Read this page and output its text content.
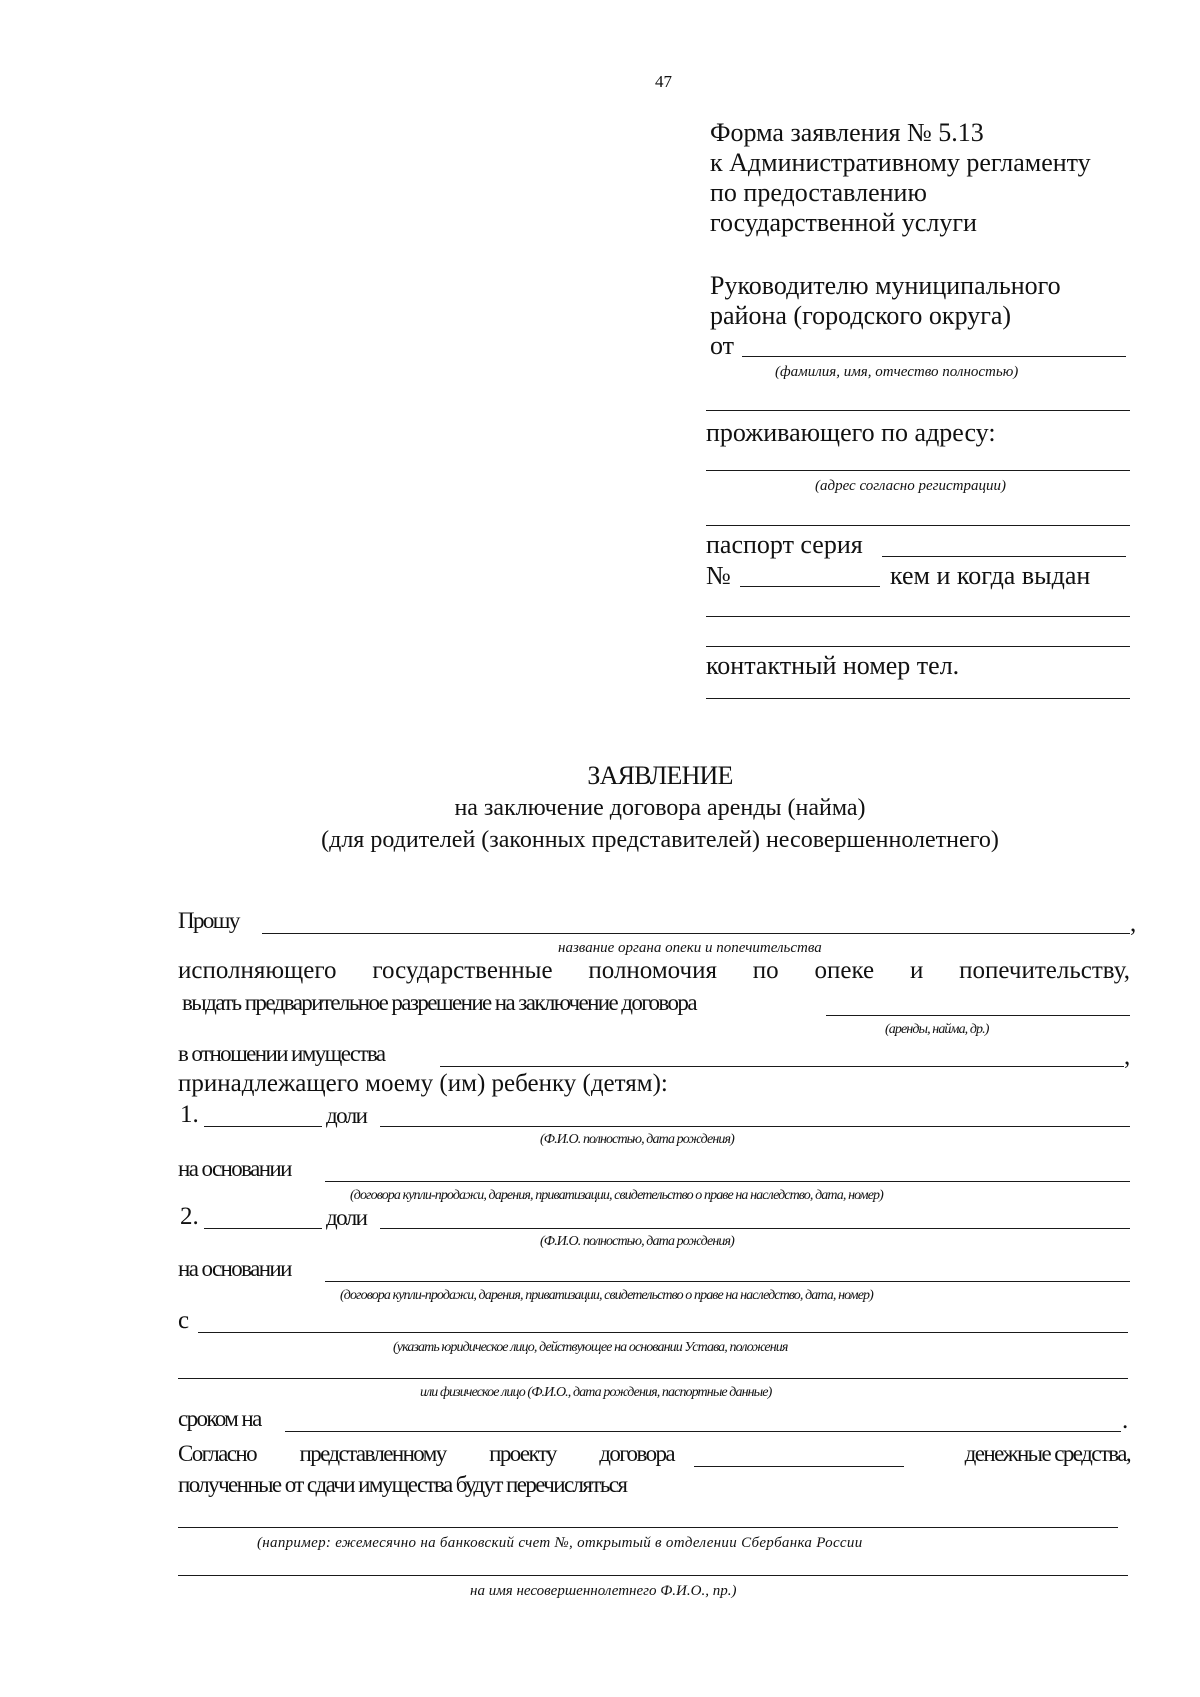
47
Форма заявления № 5.13
к Административному регламенту
по предоставлению
государственной услуги
Руководителю муниципального
района (городского округа)
от
(фамилия, имя, отчество полностью)
проживающего по адресу:
(адрес согласно регистрации)
паспорт серия
№	кем и когда выдан
контактный номер тел.
ЗАЯВЛЕНИЕ
на заключение договора аренды (найма)
(для родителей (законных представителей) несовершеннолетнего)
Прошу	,
название органа опеки и попечительства
исполняющего государственные полномочия по опеке и попечительству,
выдать предварительное разрешение на заключение договора
(аренды, найма, др.)
в отношении имущества	,
принадлежащего моему (им) ребенку (детям):
1.	доли
(Ф.И.О. полностью, дата рождения)
на основании
(договора купли-продажи, дарения, приватизации, свидетельство о праве на наследство, дата, номер)
2.	доли
(Ф.И.О. полностью, дата рождения)
на основании
(договора купли-продажи, дарения, приватизации, свидетельство о праве на наследство, дата, номер)
с
(указать юридическое лицо, действующее на основании Устава, положения
или физическое лицо (Ф.И.О., дата рождения, паспортные данные)
сроком на	.
Согласно представленному проекту договора	денежные средства,
полученные от сдачи имущества будут перечисляться
(например: ежемесячно на банковский счет №, открытый в отделении Сбербанка России
на имя несовершеннолетнего Ф.И.О., пр.)
